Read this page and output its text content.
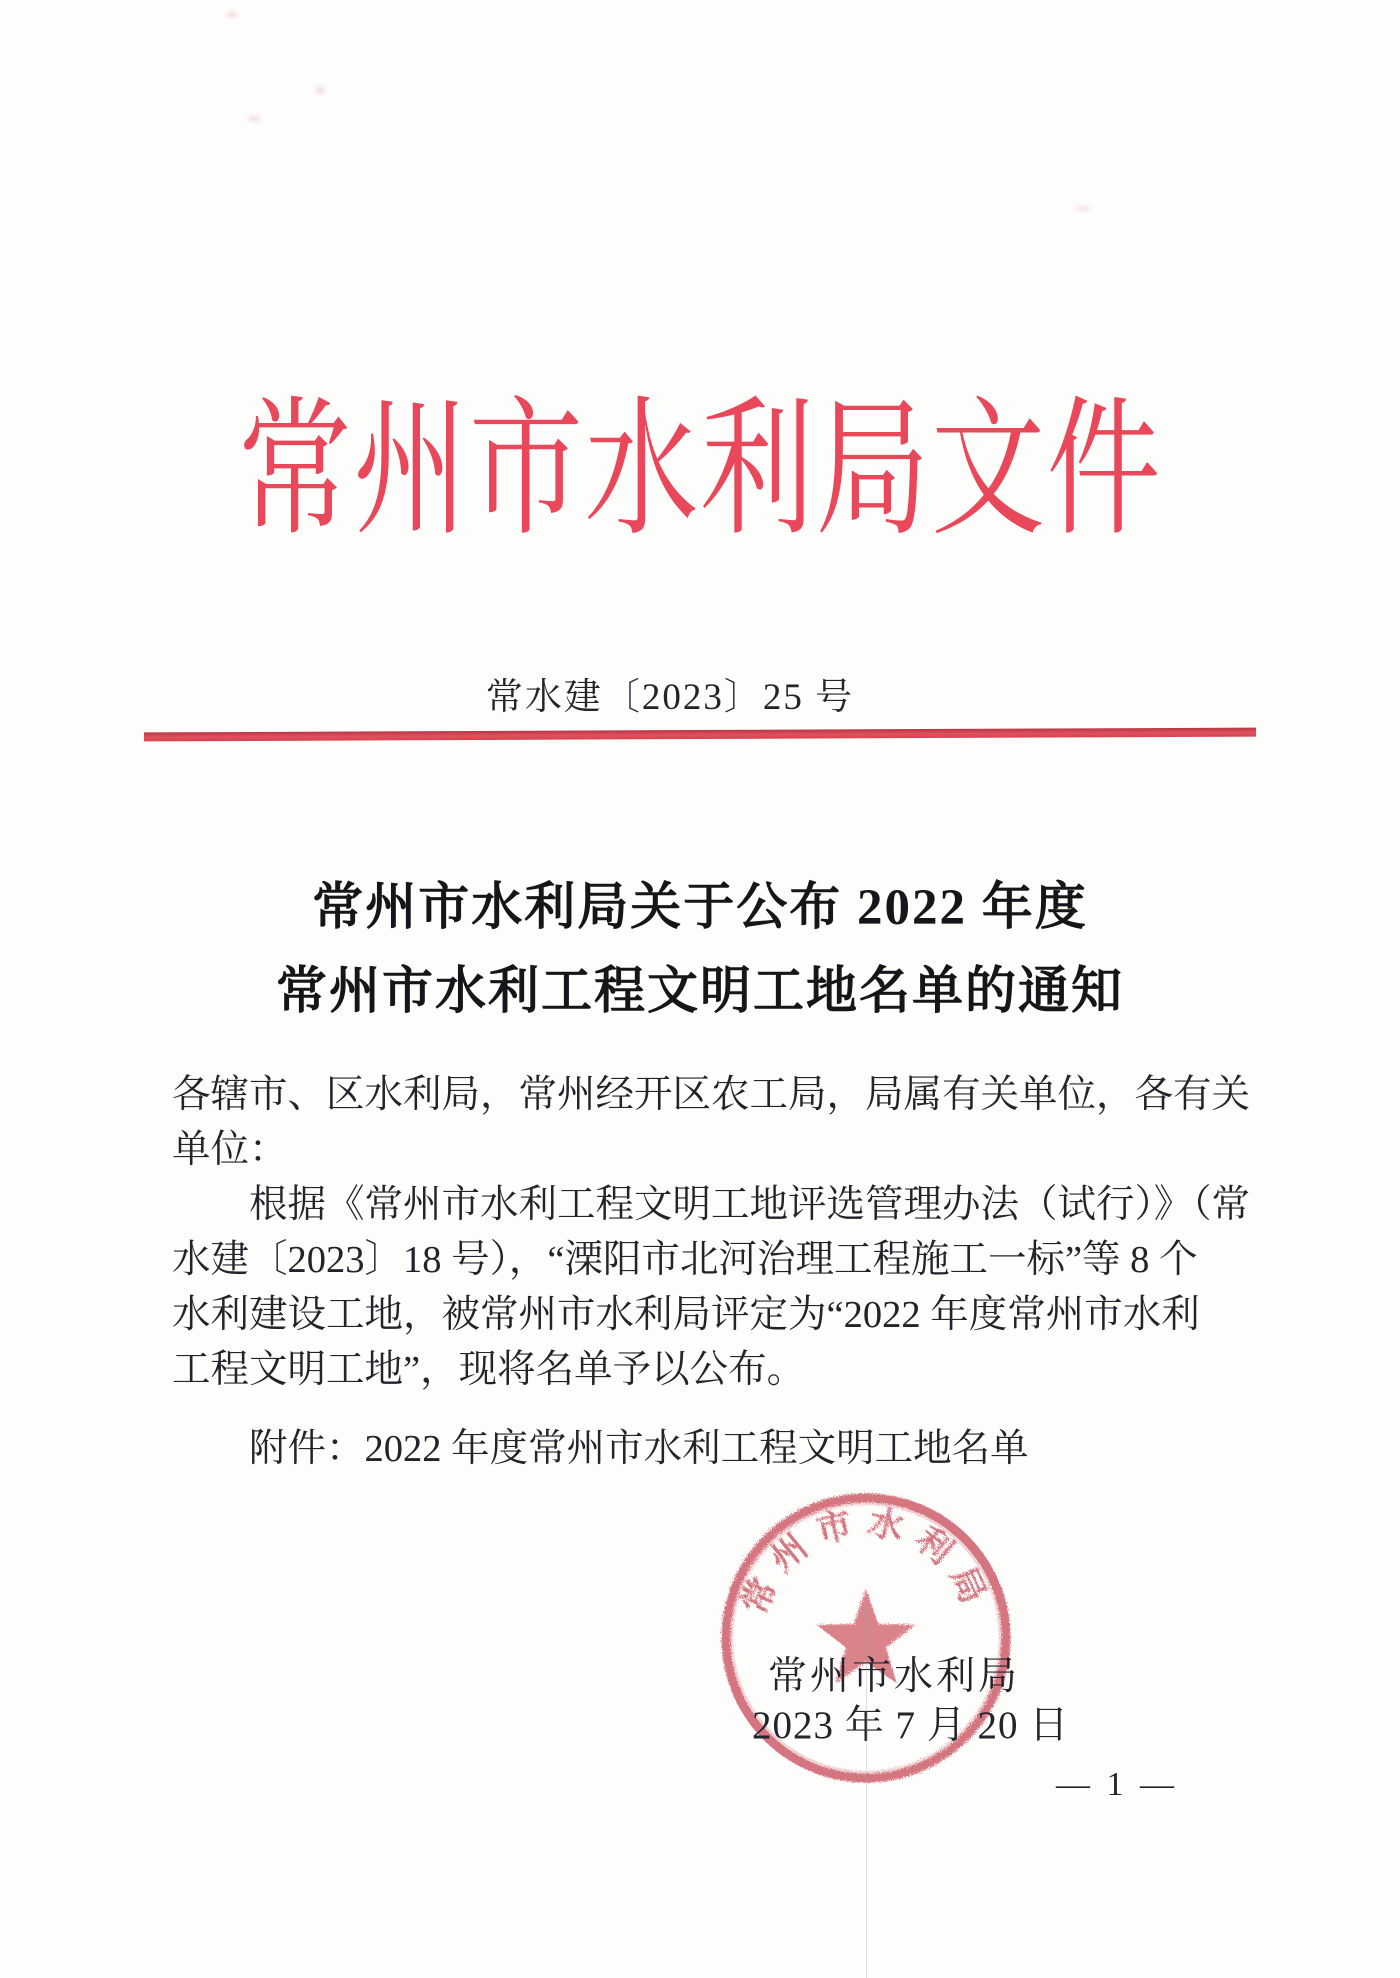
常州市水利局文件
常水建〔2023〕25 号
常州市水利局关于公布 2022 年度
常州市水利工程文明工地名单的通知
各辖市、区水利局，常州经开区农工局，局属有关单位，各有关
单位：
根据《常州市水利工程文明工地评选管理办法（试行）》（常
水建〔2023〕18 号），“溧阳市北河治理工程施工一标”等 8 个
水利建设工地，被常州市水利局评定为“2022 年度常州市水利
工程文明工地”，现将名单予以公布。
附件：2022 年度常州市水利工程文明工地名单
常州市水利局
常州市水利局
2023 年 7 月 20 日
— 1 —
